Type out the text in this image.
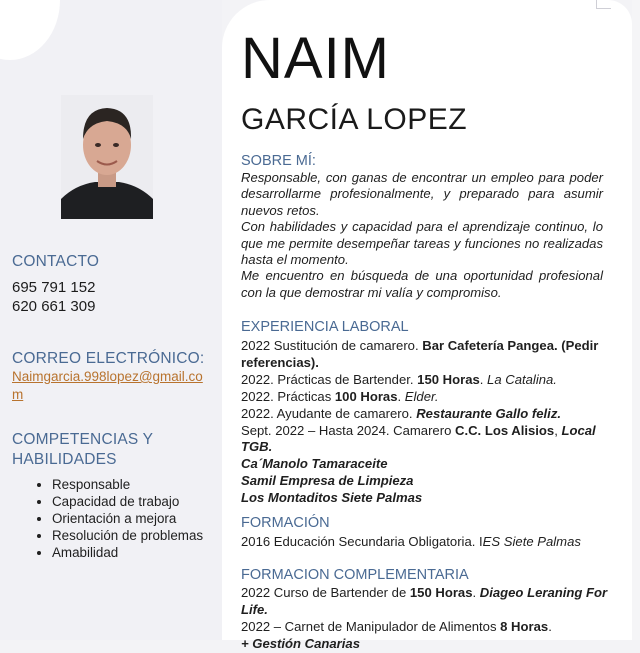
CONTACTO
695 791 152
620 661 309
CORREO ELECTRÓNICO:
Naimgarcia.998lopez@gmail.com
COMPETENCIAS Y
HABILIDADES
• Responsable
• Capacidad de trabajo
• Orientación a mejora
• Resolución de problemas
• Amabilidad
NAIM
GARCÍA LOPEZ
SOBRE MÍ:

Responsable, con ganas de encontrar un empleo para poder desarrollarme profesionalmente, y preparado para asumir nuevos retos.

Con habilidades y capacidad para el aprendizaje continuo, lo que me permite desempeñar tareas y funciones no realizadas hasta el momento.

Me encuentro en búsqueda de una oportunidad profesional con la que demostrar mi valía y compromiso.

EXPERIENCIA LABORAL
2022 Sustitución de camarero. Bar Cafetería Pangea. (Pedir referencias).
2022. Prácticas de Bartender. 150 Horas. La Catalina.
2022. Prácticas 100 Horas. Elder.
2022. Ayudante de camarero. Restaurante Gallo feliz.
Sept. 2022 – Hasta 2024. Camarero C.C. Los Alisios, Local TGB.
Ca´Manolo Tamaraceite
Samil Empresa de Limpieza
Los Montaditos Siete Palmas
FORMACIÓN
2016 Educación Secundaria Obligatoria. IES Siete Palmas
FORMACION COMPLEMENTARIA
2022 Curso de Bartender de 150 Horas. Diageo Leraning For Life.
2022 – Carnet de Manipulador de Alimentos 8 Horas.
+ Gestión Canarias
